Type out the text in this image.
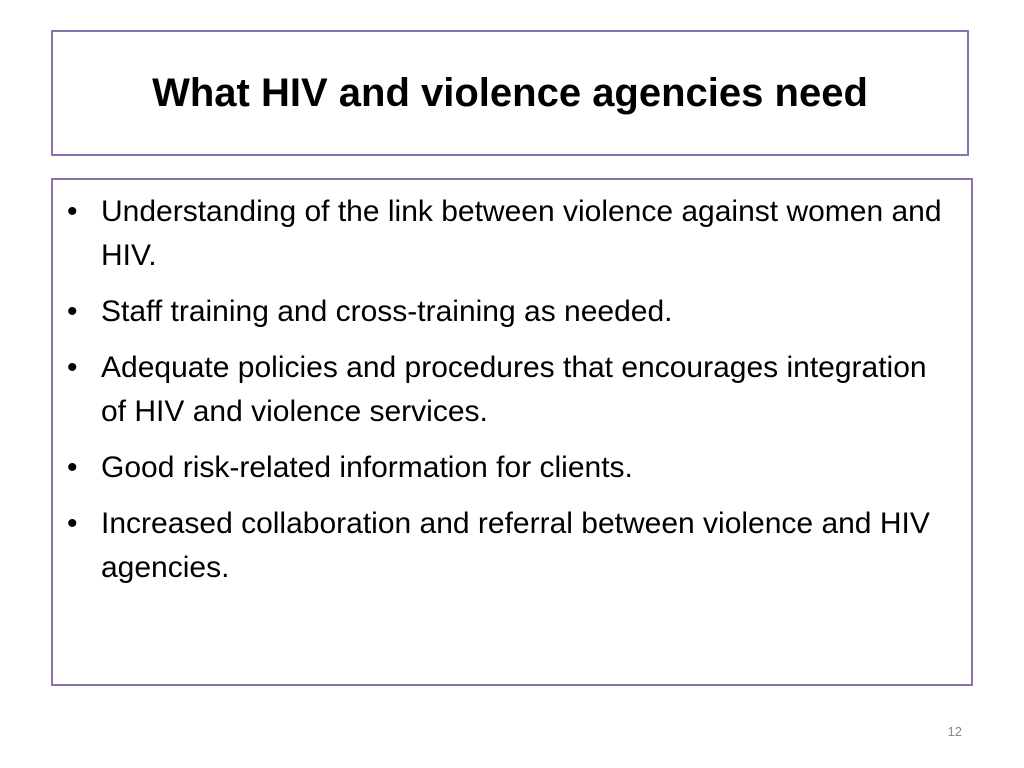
What HIV and violence agencies need
• Understanding of the link between violence against women and HIV.
• Staff training and cross-training as needed.
• Adequate policies and procedures that encourages integration of HIV and violence services.
• Good risk-related information for clients.
• Increased collaboration and referral between violence and HIV agencies.
12
